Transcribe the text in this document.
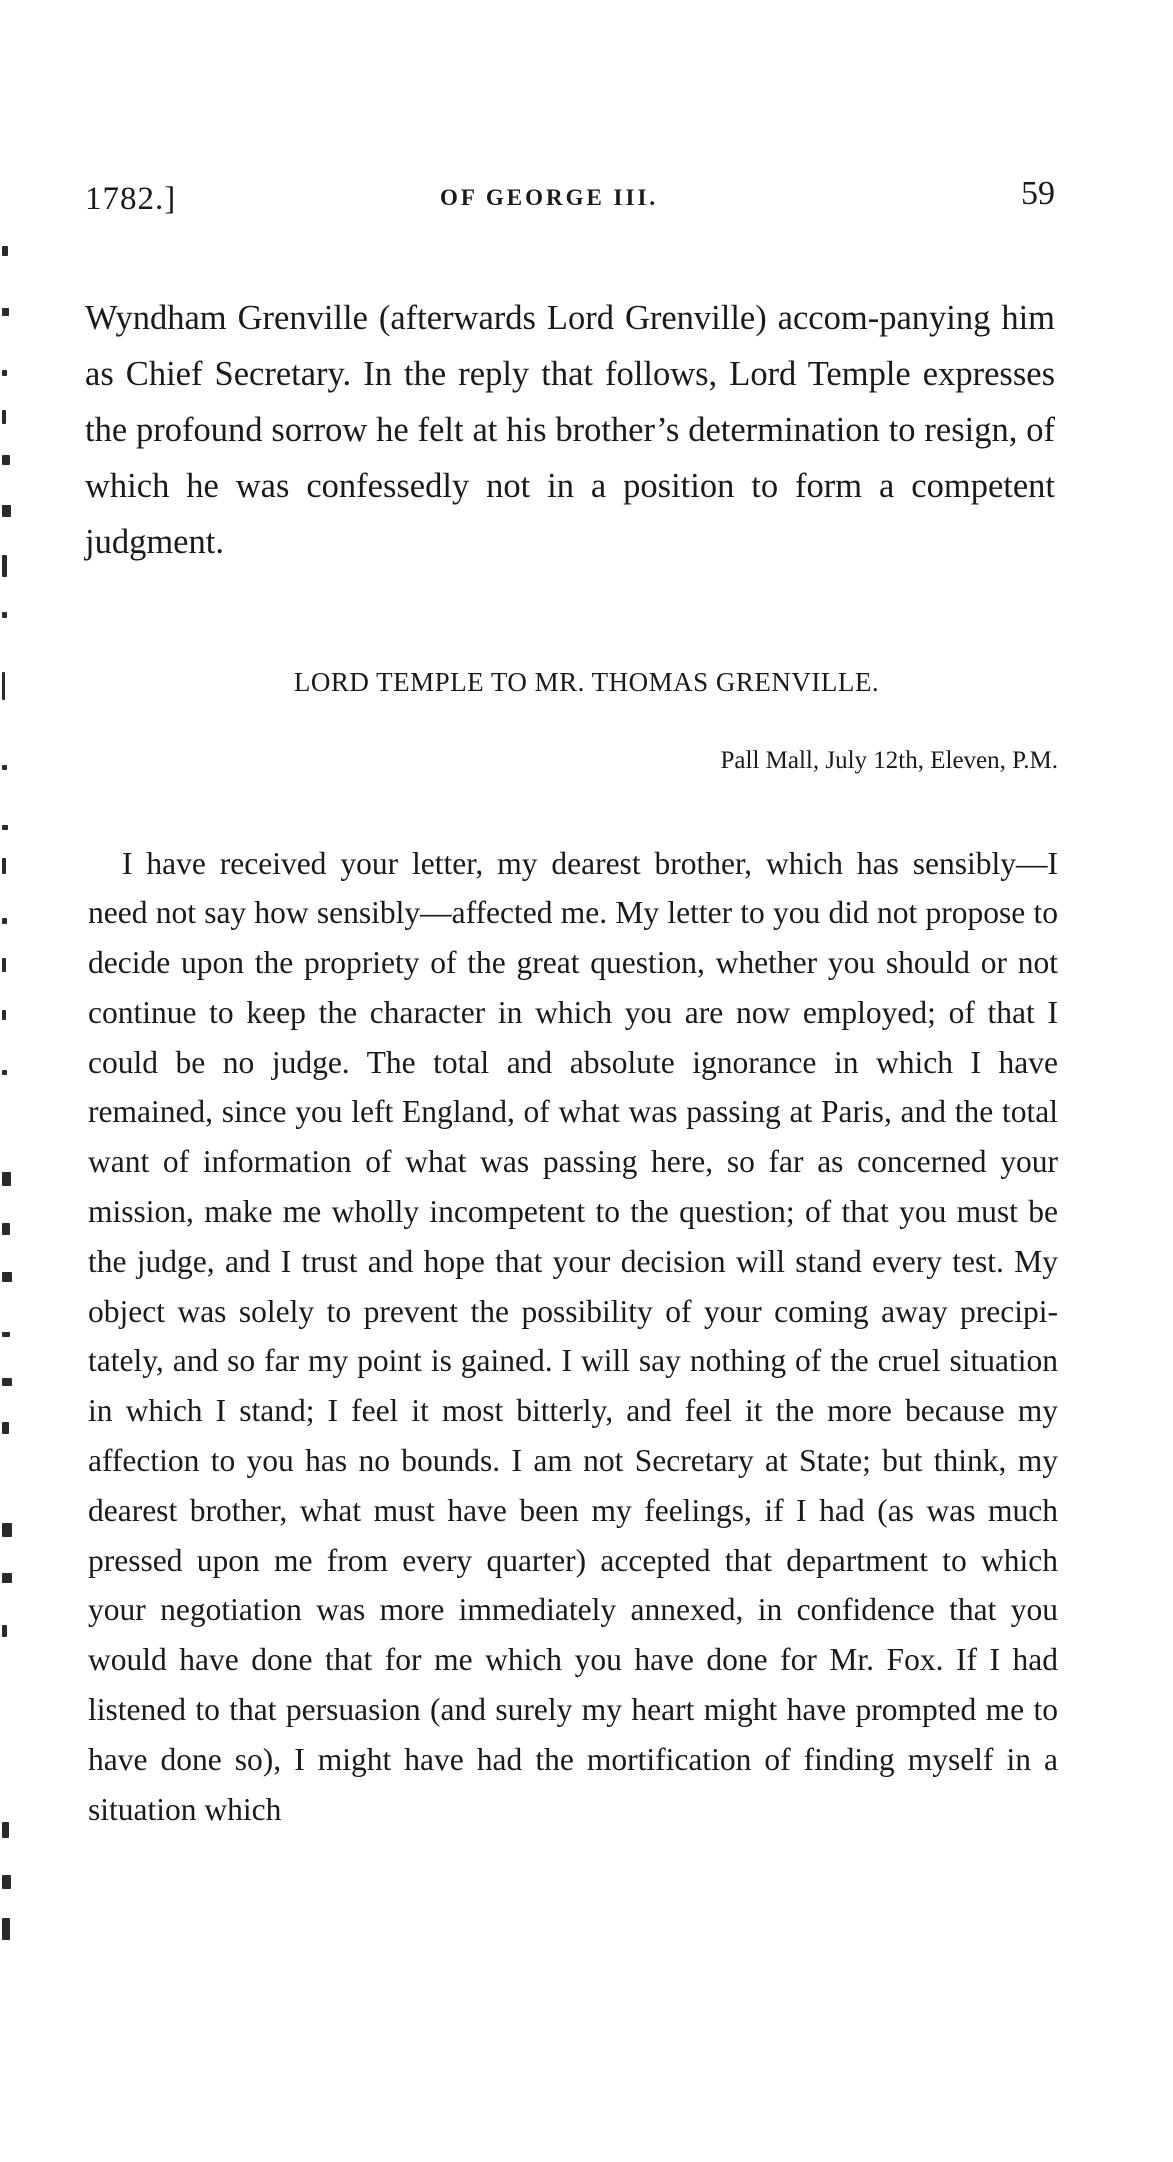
1782.]	OF GEORGE III.	59

Wyndham Grenville (afterwards Lord Grenville) accom-panying him as Chief Secretary. In the reply that follows, Lord Temple expresses the profound sorrow he felt at his brother’s determination to resign, of which he was confessedly not in a position to form a competent judgment.

LORD TEMPLE TO MR. THOMAS GRENVILLE.
Pall Mall, July 12th, Eleven, P.M.

I have received your letter, my dearest brother, which has sensibly—I need not say how sensibly—affected me. My letter to you did not propose to decide upon the propriety of the great question, whether you should or not continue to keep the character in which you are now employed; of that I could be no judge. The total and absolute ignorance in which I have remained, since you left England, of what was passing at Paris, and the total want of information of what was passing here, so far as concerned your mission, make me wholly incompetent to the question; of that you must be the judge, and I trust and hope that your decision will stand every test. My object was solely to prevent the possibility of your coming away precipi-tately, and so far my point is gained. I will say nothing of the cruel situation in which I stand; I feel it most bitterly, and feel it the more because my affection to you has no bounds. I am not Secretary at State; but think, my dearest brother, what must have been my feelings, if I had (as was much pressed upon me from every quarter) accepted that department to which your negotiation was more immediately annexed, in confidence that you would have done that for me which you have done for Mr. Fox. If I had listened to that persuasion (and surely my heart might have prompted me to have done so), I might have had the mortification of finding myself in a situation which
